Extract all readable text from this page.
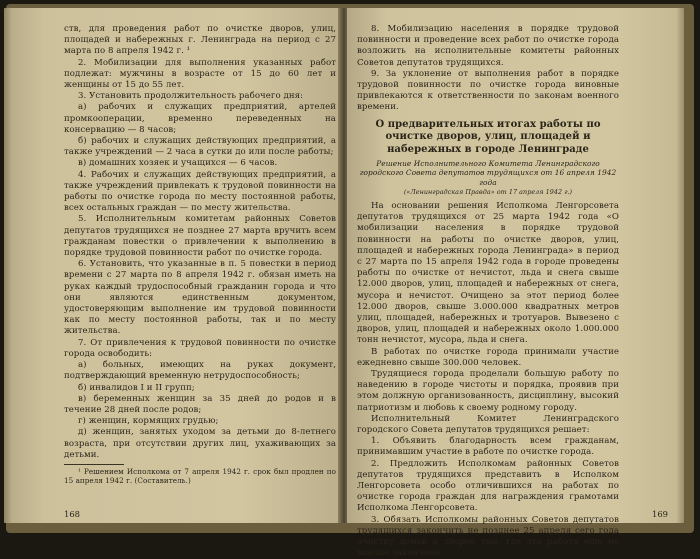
ств, для проведения работ по очистке дворов, улиц, площадей и набережных г. Ленинграда на период с 27 марта по 8 апреля 1942 г. ¹

2. Мобилизации для выполнения указанных работ подлежат: мужчины в возрасте от 15 до 60 лет и женщины от 15 до 55 лет.

3. Установить продолжительность рабочего дня:

а) рабочих и служащих предприятий, артелей промкооперации, временно переведенных на консервацию — 8 часов;

б) рабочих и служащих действующих предприятий, а также учреждений — 2 часа в сутки до или после работы;

в) домашних хозяек и учащихся — 6 часов.

4. Рабочих и служащих действующих предприятий, а также учреждений привлекать к трудовой повинности на работы по очистке города по месту постоянной работы, всех остальных граждан — по месту жительства.

5. Исполнительным комитетам районных Советов депутатов трудящихся не позднее 27 марта вручить всем гражданам повестки о привлечении к выполнению в порядке трудовой повинности работ по очистке города.

6. Установить, что указанные в п. 5 повестки в период времени с 27 марта по 8 апреля 1942 г. обязан иметь на руках каждый трудоспособный гражданин города и что они являются единственным документом, удостоверяющим выполнение им трудовой повинности как по месту постоянной работы, так и по месту жительства.

7. От привлечения к трудовой повинности по очистке города освободить:

а) больных, имеющих на руках документ, подтверждающий временную нетрудоспособность;

б) инвалидов I и II групп;

в) беременных женщин за 35 дней до родов и в течение 28 дней после родов;

г) женщин, кормящих грудью;

д) женщин, занятых уходом за детьми до 8-летнего возраста, при отсутствии других лиц, ухаживающих за детьми.

¹ Решением Исполкома от 7 апреля 1942 г. срок был продлен по 15 апреля 1942 г. (Составитель.)

168

8. Мобилизацию населения в порядке трудовой повинности и проведение всех работ по очистке города возложить на исполнительные комитеты районных Советов депутатов трудящихся.

9. За уклонение от выполнения работ в порядке трудовой повинности по очистке города виновные привлекаются к ответственности по законам военного времени.

О предварительных итогах работы по очистке дворов, улиц, площадей и набережных в городе Ленинграде

Решение Исполнительного Комитета Ленинградского городского Совета депутатов трудящихся от 16 апреля 1942 года
(«Ленинградская Правда» от 17 апреля 1942 г.)

На основании решения Исполкома Ленгорсовета депутатов трудящихся от 25 марта 1942 года «О мобилизации населения в порядке трудовой повинности на работы по очистке дворов, улиц, площадей и набережных города Ленинграда» в период с 27 марта по 15 апреля 1942 года в городе проведены работы по очистке от нечистот, льда и снега свыше 12.000 дворов, улиц, площадей и набережных от снега, мусора и нечистот. Очищено за этот период более 12.000 дворов, свыше 3.000.000 квадратных метров улиц, площадей, набережных и тротуаров. Вывезено с дворов, улиц, площадей и набережных около 1.000.000 тонн нечистот, мусора, льда и снега.

В работах по очистке города принимали участие ежедневно свыше 300.000 человек.

Трудящиеся города проделали большую работу по наведению в городе чистоты и порядка, проявив при этом должную организованность, дисциплину, высокий патриотизм и любовь к своему родному городу.

Исполнительный Комитет Ленинградского городского Совета депутатов трудящихся решает:

1. Объявить благодарность всем гражданам, принимавшим участие в работе по очистке города.

2. Предложить Исполкомам районных Советов депутатов трудящихся представить в Исполком Ленгорсовета особо отличившихся на работах по очистке города граждан для награждения грамотами Исполкома Ленгорсовета.

3. Обязать Исполкомы районных Советов депутатов трудящихся закончить не позднее 25 апреля сего года очистку домов и дворов там, где эта работа еще не вполне закончена.

169
